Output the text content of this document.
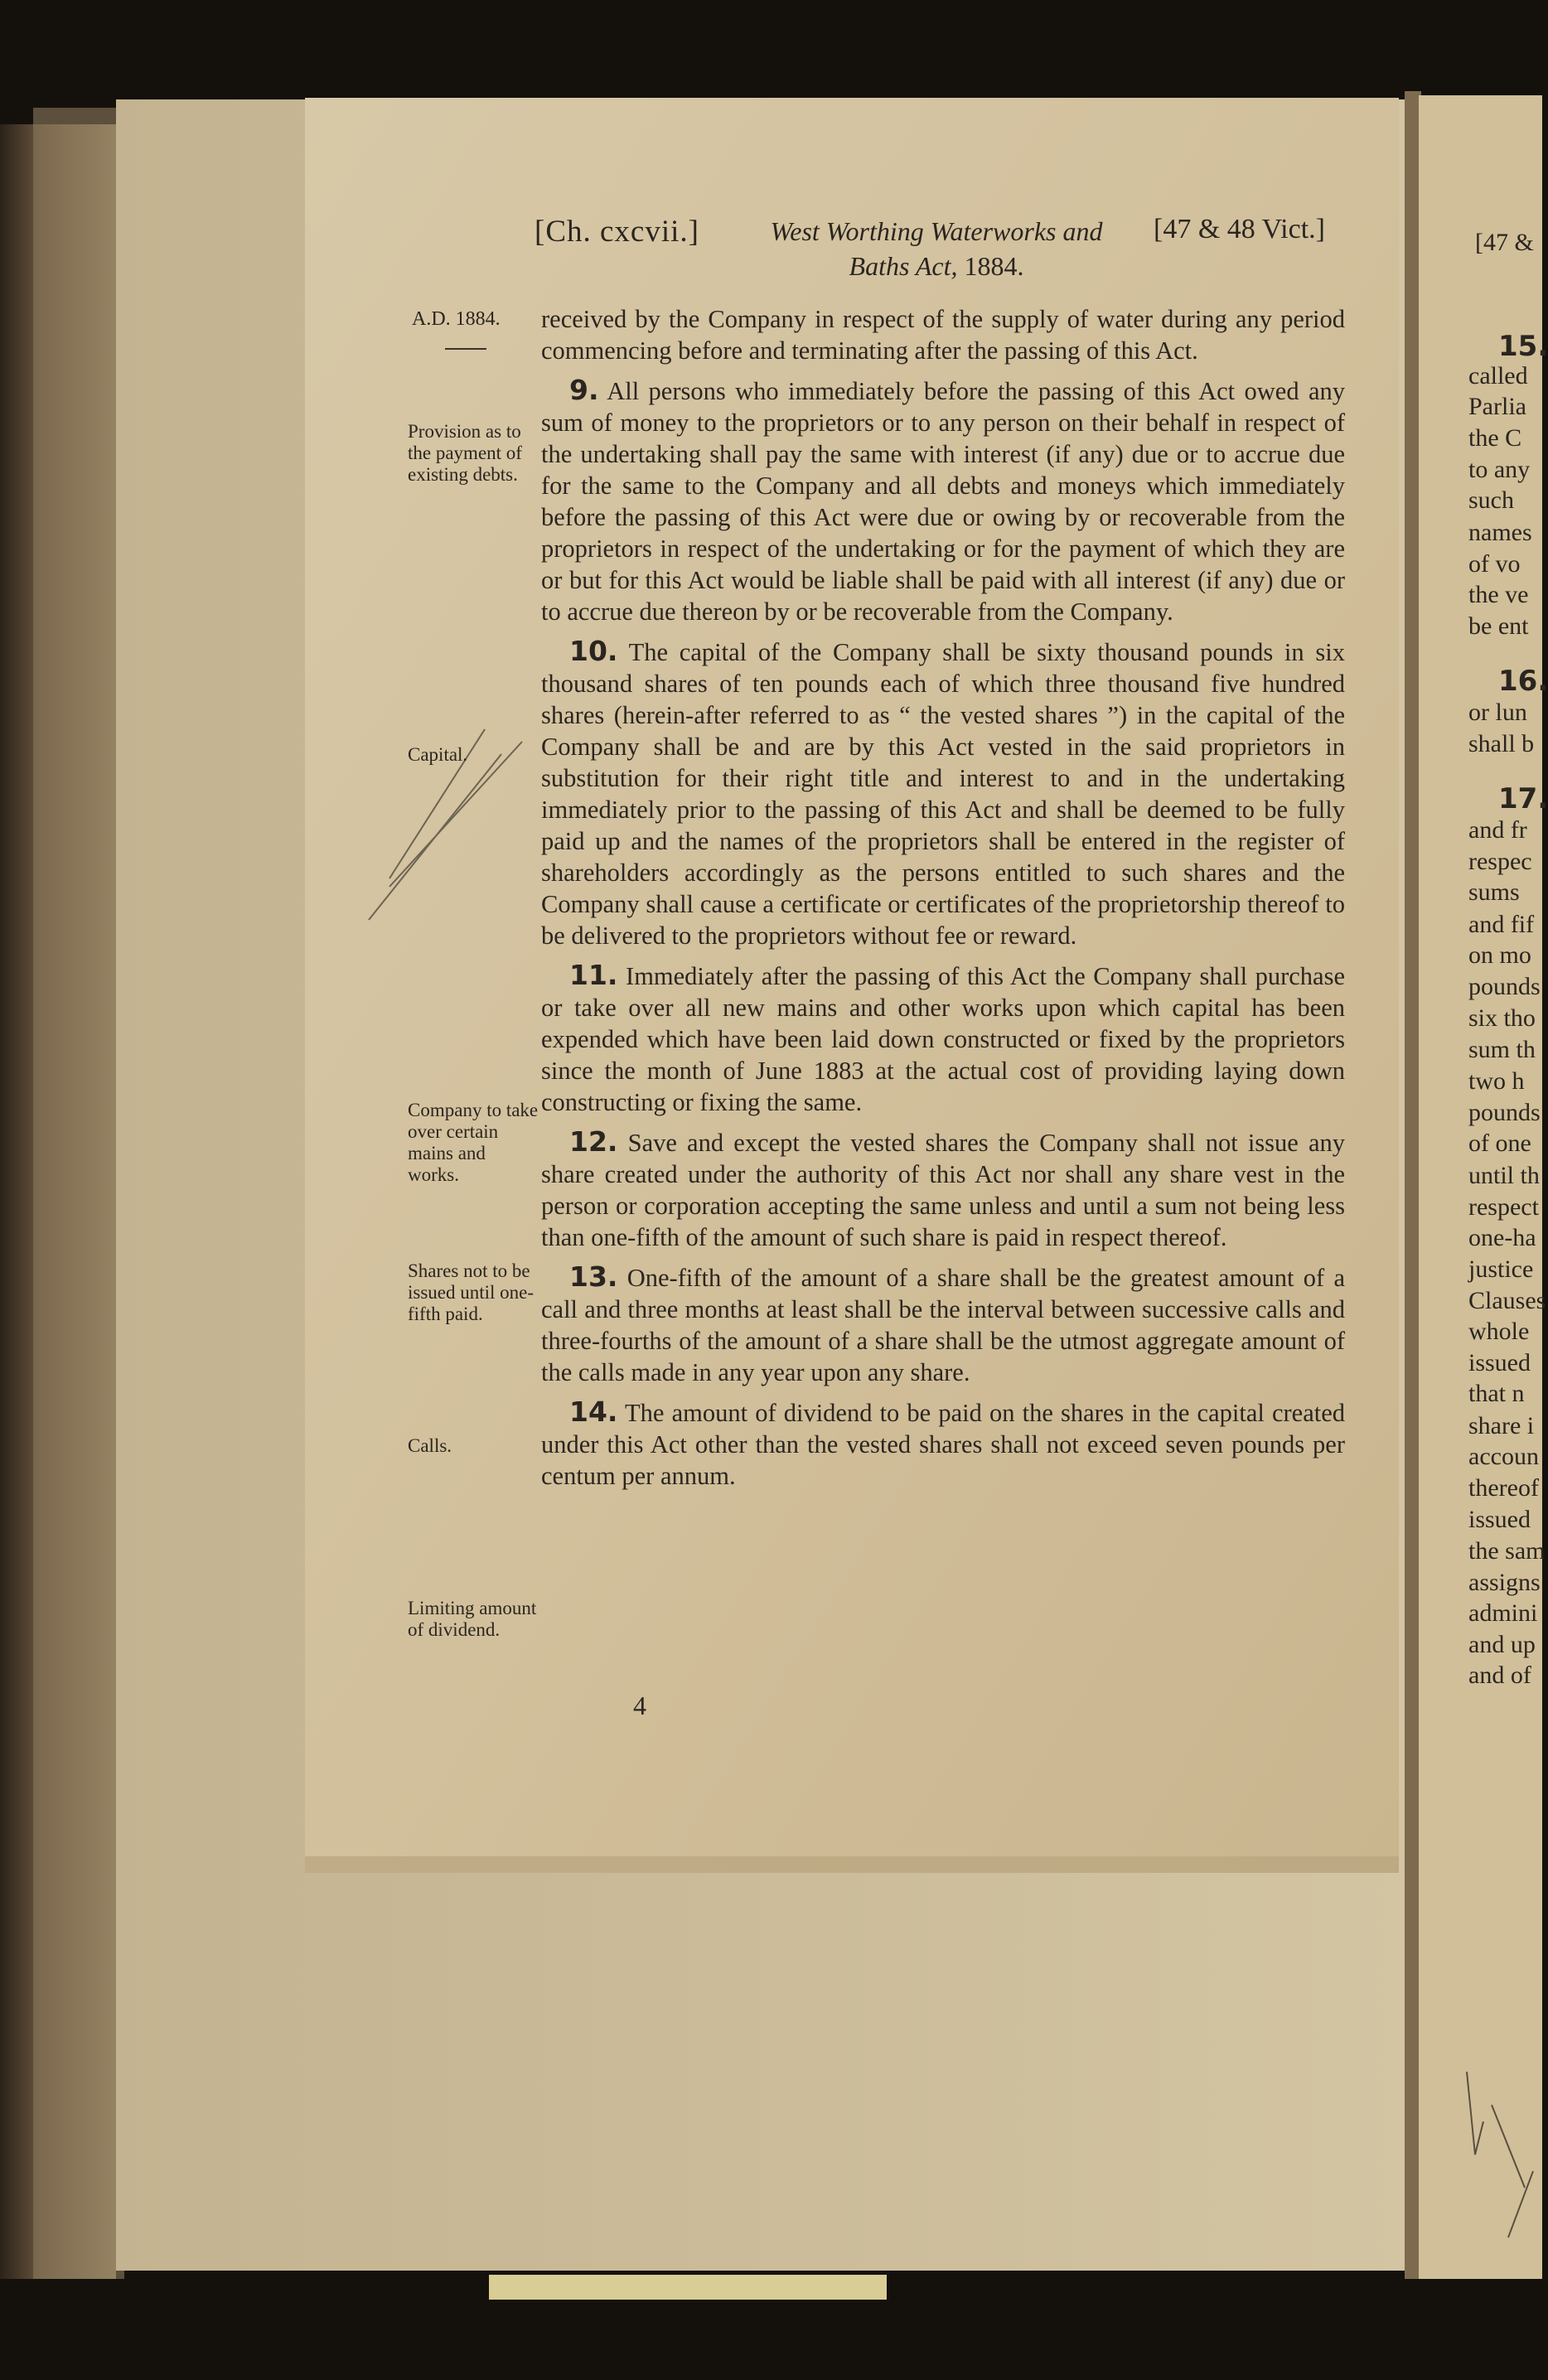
[Ch. cxcvii.]	West Worthing Waterworks and
Baths Act, 1884.
[47 & 48 Vict.]
A.D. 1884.
Provision as to the payment of existing debts.
Capital.
Company to take over certain mains and works.
Shares not to be issued until one-fifth paid.
Calls.
Limiting amount of dividend.

received by the Company in respect of the supply of water during any period commencing before and terminating after the passing of this Act.

9. All persons who immediately before the passing of this Act owed any sum of money to the proprietors or to any person on their behalf in respect of the undertaking shall pay the same with interest (if any) due or to accrue due for the same to the Company and all debts and moneys which immediately before the passing of this Act were due or owing by or recoverable from the proprietors in respect of the undertaking or for the payment of which they are or but for this Act would be liable shall be paid with all interest (if any) due or to accrue due thereon by or be recoverable from the Company.

10. The capital of the Company shall be sixty thousand pounds in six thousand shares of ten pounds each of which three thousand five hundred shares (herein-after referred to as “ the vested shares ”) in the capital of the Company shall be and are by this Act vested in the said proprietors in substitution for their right title and interest to and in the undertaking immediately prior to the passing of this Act and shall be deemed to be fully paid up and the names of the proprietors shall be entered in the register of shareholders accordingly as the persons entitled to such shares and the Company shall cause a certificate or certificates of the proprietorship thereof to be delivered to the proprietors without fee or reward.

11. Immediately after the passing of this Act the Company shall purchase or take over all new mains and other works upon which capital has been expended which have been laid down constructed or fixed by the proprietors since the month of June 1883 at the actual cost of providing laying down constructing or fixing the same.

12. Save and except the vested shares the Company shall not issue any share created under the authority of this Act nor shall any share vest in the person or corporation accepting the same unless and until a sum not being less than one-fifth of the amount of such share is paid in respect thereof.

13. One-fifth of the amount of a share shall be the greatest amount of a call and three months at least shall be the interval between successive calls and three-fourths of the amount of a share shall be the utmost aggregate amount of the calls made in any year upon any share.

14. The amount of dividend to be paid on the shares in the capital created under this Act other than the vested shares shall not exceed seven pounds per centum per annum.

4
[47 &
called
Parlia
the C
to any
such
names
of vo
the ve
be ent
or lun
shall b
and fr
respec
sums
and fif
on mo
pounds
six tho
sum th
two h
pounds
of one
until th
respect
one-ha
justice
Clauses
whole
issued
that n
share i
accoun
thereof
issued
the sam
assigns
admini
and up
and of
15.
16.
17.
